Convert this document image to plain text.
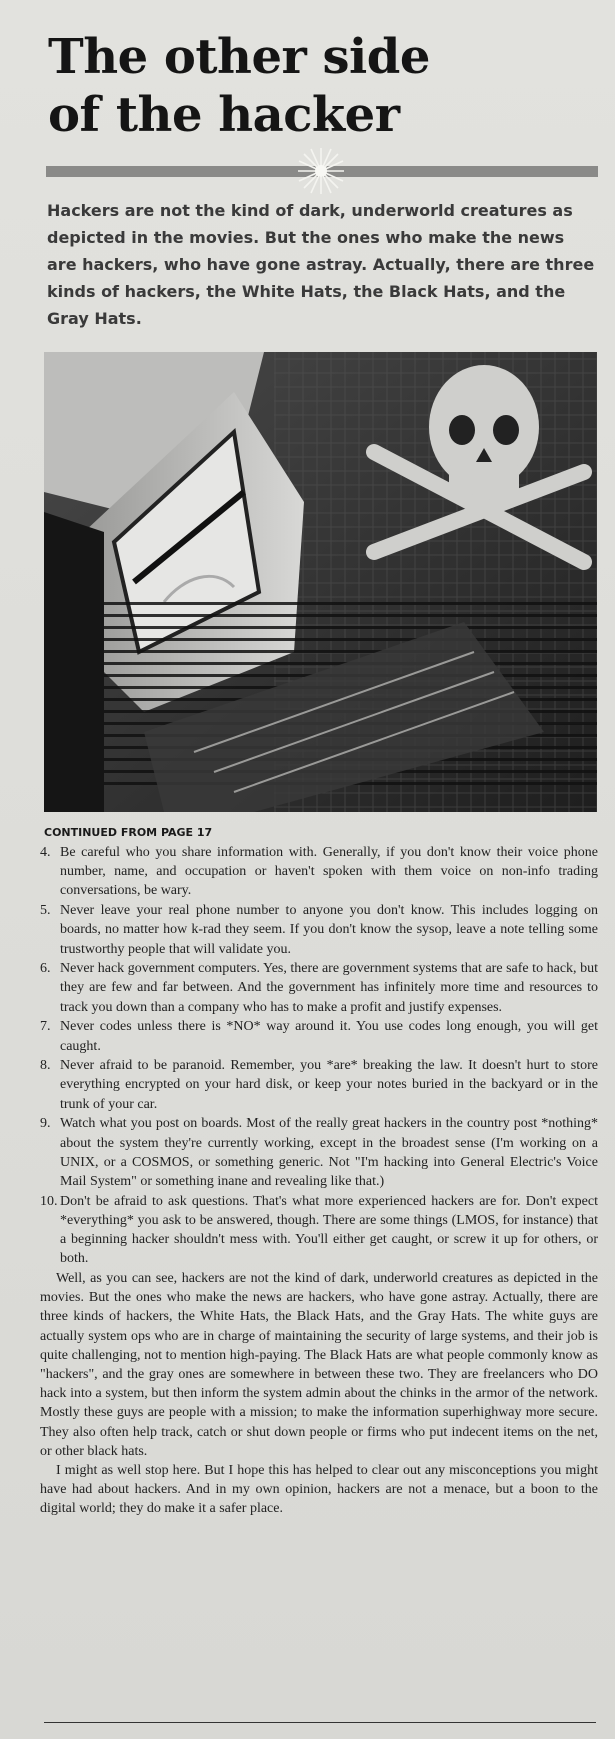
The other side
of the hacker

Hackers are not the kind of dark, underworld creatures as depicted in the movies. But the ones who make the news are hackers, who have gone astray. Actually, there are three kinds of hackers, the White Hats, the Black Hats, and the Gray Hats.

CONTINUED FROM PAGE 17
4. Be careful who you share information with. Generally, if you don't know their voice phone number, name, and occupation or haven't spoken with them voice on non-info trading conversations, be wary.
5. Never leave your real phone number to anyone you don't know. This includes logging on boards, no matter how k-rad they seem. If you don't know the sysop, leave a note telling some trustworthy people that will validate you.
6. Never hack government computers. Yes, there are government systems that are safe to hack, but they are few and far between. And the government has infinitely more time and resources to track you down than a company who has to make a profit and justify expenses.
7. Never codes unless there is *NO* way around it. You use codes long enough, you will get caught.
8. Never afraid to be paranoid. Remember, you *are* breaking the law. It doesn't hurt to store everything encrypted on your hard disk, or keep your notes buried in the backyard or in the trunk of your car.
9. Watch what you post on boards. Most of the really great hackers in the country post *nothing* about the system they're currently working, except in the broadest sense (I'm working on a UNIX, or a COSMOS, or something generic. Not "I'm hacking into General Electric's Voice Mail System" or something inane and revealing like that.)
10. Don't be afraid to ask questions. That's what more experienced hackers are for. Don't expect *everything* you ask to be answered, though. There are some things (LMOS, for instance) that a beginning hacker shouldn't mess with. You'll either get caught, or screw it up for others, or both.

Well, as you can see, hackers are not the kind of dark, underworld creatures as depicted in the movies. But the ones who make the news are hackers, who have gone astray. Actually, there are three kinds of hackers, the White Hats, the Black Hats, and the Gray Hats. The white guys are actually system ops who are in charge of maintaining the security of large systems, and their job is quite challenging, not to mention high-paying. The Black Hats are what people commonly know as "hackers", and the gray ones are somewhere in between these two. They are freelancers who DO hack into a system, but then inform the system admin about the chinks in the armor of the network. Mostly these guys are people with a mission; to make the information superhighway more secure. They also often help track, catch or shut down people or firms who put indecent items on the net, or other black hats.

I might as well stop here. But I hope this has helped to clear out any misconceptions you might have had about hackers. And in my own opinion, hackers are not a menace, but a boon to the digital world; they do make it a safer place.
